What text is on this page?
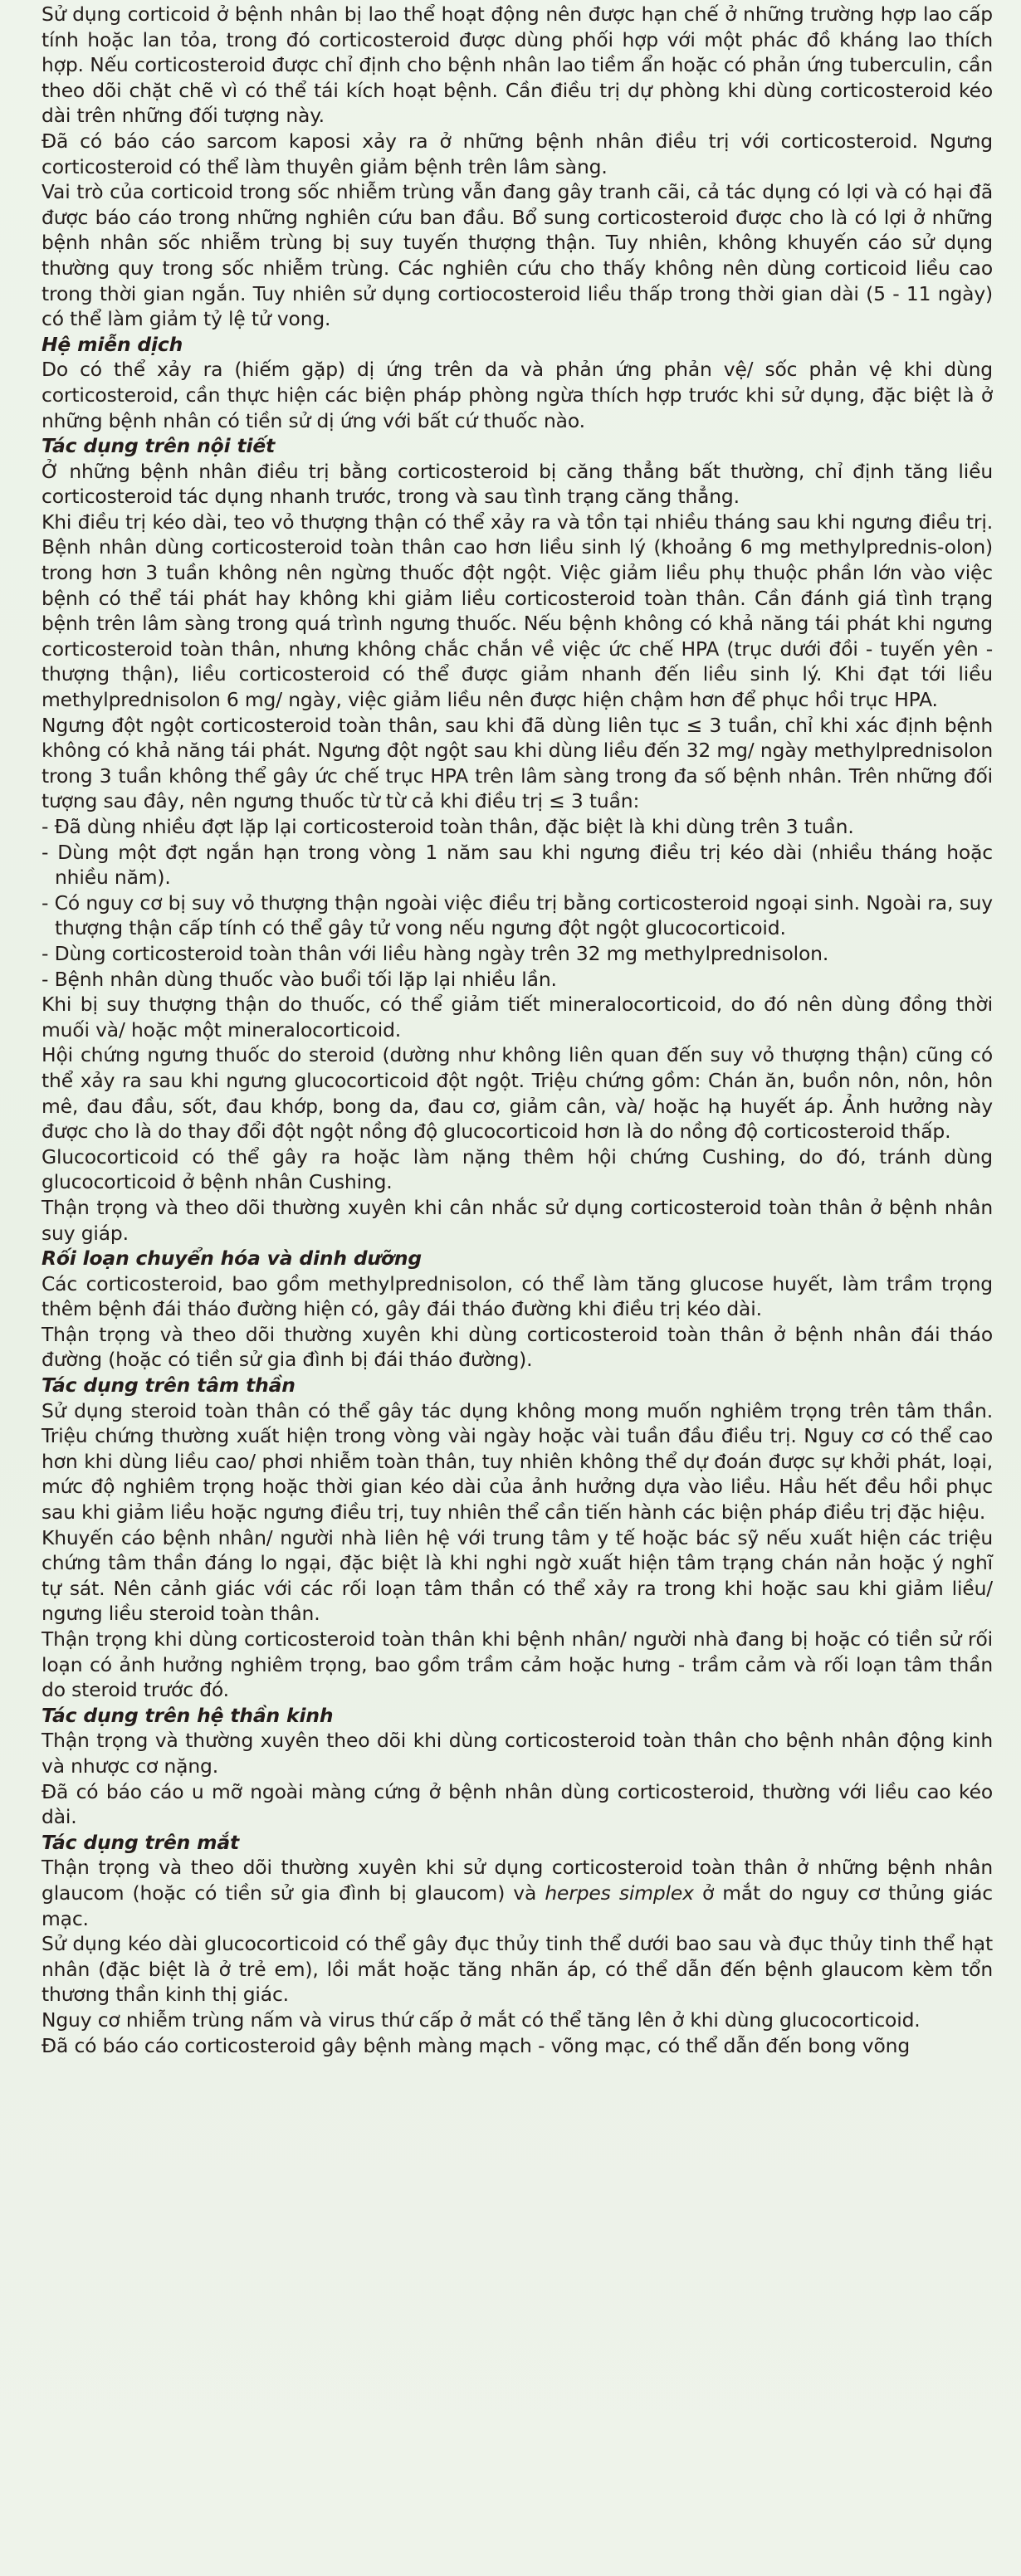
Sử dụng corticoid ở bệnh nhân bị lao thể hoạt động nên được hạn chế ở những trường hợp lao cấp tính hoặc lan tỏa, trong đó corticosteroid được dùng phối hợp với một phác đồ kháng lao thích hợp. Nếu corticosteroid được chỉ định cho bệnh nhân lao tiềm ẩn hoặc có phản ứng tuberculin, cần theo dõi chặt chẽ vì có thể tái kích hoạt bệnh. Cần điều trị dự phòng khi dùng corticosteroid kéo dài trên những đối tượng này.

Đã có báo cáo sarcom kaposi xảy ra ở những bệnh nhân điều trị với corticosteroid. Ngưng corticosteroid có thể làm thuyên giảm bệnh trên lâm sàng.

Vai trò của corticoid trong sốc nhiễm trùng vẫn đang gây tranh cãi, cả tác dụng có lợi và có hại đã được báo cáo trong những nghiên cứu ban đầu. Bổ sung corticosteroid được cho là có lợi ở những bệnh nhân sốc nhiễm trùng bị suy tuyến thượng thận. Tuy nhiên, không khuyến cáo sử dụng thường quy trong sốc nhiễm trùng. Các nghiên cứu cho thấy không nên dùng corticoid liều cao trong thời gian ngắn. Tuy nhiên sử dụng cortiocosteroid liều thấp trong thời gian dài (5 - 11 ngày) có thể làm giảm tỷ lệ tử vong.

Hệ miễn dịch

Do có thể xảy ra (hiếm gặp) dị ứng trên da và phản ứng phản vệ/ sốc phản vệ khi dùng corticosteroid, cần thực hiện các biện pháp phòng ngừa thích hợp trước khi sử dụng, đặc biệt là ở những bệnh nhân có tiền sử dị ứng với bất cứ thuốc nào.

Tác dụng trên nội tiết

Ở những bệnh nhân điều trị bằng corticosteroid bị căng thẳng bất thường, chỉ định tăng liều corticosteroid tác dụng nhanh trước, trong và sau tình trạng căng thẳng.

Khi điều trị kéo dài, teo vỏ thượng thận có thể xảy ra và tồn tại nhiều tháng sau khi ngưng điều trị. Bệnh nhân dùng corticosteroid toàn thân cao hơn liều sinh lý (khoảng 6 mg methylprednis-olon) trong hơn 3 tuần không nên ngừng thuốc đột ngột. Việc giảm liều phụ thuộc phần lớn vào việc bệnh có thể tái phát hay không khi giảm liều corticosteroid toàn thân. Cần đánh giá tình trạng bệnh trên lâm sàng trong quá trình ngưng thuốc. Nếu bệnh không có khả năng tái phát khi ngưng corticosteroid toàn thân, nhưng không chắc chắn về việc ức chế HPA (trục dưới đồi - tuyến yên - thượng thận), liều corticosteroid có thể được giảm nhanh đến liều sinh lý. Khi đạt tới liều methylprednisolon 6 mg/ ngày, việc giảm liều nên được hiện chậm hơn để phục hồi trục HPA.

Ngưng đột ngột corticosteroid toàn thân, sau khi đã dùng liên tục ≤ 3 tuần, chỉ khi xác định bệnh không có khả năng tái phát. Ngưng đột ngột sau khi dùng liều đến 32 mg/ ngày methylprednisolon trong 3 tuần không thể gây ức chế trục HPA trên lâm sàng trong đa số bệnh nhân. Trên những đối tượng sau đây, nên ngưng thuốc từ từ cả khi điều trị ≤ 3 tuần:

- Đã dùng nhiều đợt lặp lại corticosteroid toàn thân, đặc biệt là khi dùng trên 3 tuần.

- Dùng một đợt ngắn hạn trong vòng 1 năm sau khi ngưng điều trị kéo dài (nhiều tháng hoặc nhiều năm).

- Có nguy cơ bị suy vỏ thượng thận ngoài việc điều trị bằng corticosteroid ngoại sinh. Ngoài ra, suy thượng thận cấp tính có thể gây tử vong nếu ngưng đột ngột glucocorticoid.

- Dùng corticosteroid toàn thân với liều hàng ngày trên 32 mg methylprednisolon.

- Bệnh nhân dùng thuốc vào buổi tối lặp lại nhiều lần.

Khi bị suy thượng thận do thuốc, có thể giảm tiết mineralocorticoid, do đó nên dùng đồng thời muối và/ hoặc một mineralocorticoid.

Hội chứng ngưng thuốc do steroid (dường như không liên quan đến suy vỏ thượng thận) cũng có thể xảy ra sau khi ngưng glucocorticoid đột ngột. Triệu chứng gồm: Chán ăn, buồn nôn, nôn, hôn mê, đau đầu, sốt, đau khớp, bong da, đau cơ, giảm cân, và/ hoặc hạ huyết áp. Ảnh hưởng này được cho là do thay đổi đột ngột nồng độ glucocorticoid hơn là do nồng độ corticosteroid thấp.

Glucocorticoid có thể gây ra hoặc làm nặng thêm hội chứng Cushing, do đó, tránh dùng glucocorticoid ở bệnh nhân Cushing.

Thận trọng và theo dõi thường xuyên khi cân nhắc sử dụng corticosteroid toàn thân ở bệnh nhân suy giáp.

Rối loạn chuyển hóa và dinh dưỡng

Các corticosteroid, bao gồm methylprednisolon, có thể làm tăng glucose huyết, làm trầm trọng thêm bệnh đái tháo đường hiện có, gây đái tháo đường khi điều trị kéo dài.

Thận trọng và theo dõi thường xuyên khi dùng corticosteroid toàn thân ở bệnh nhân đái tháo đường (hoặc có tiền sử gia đình bị đái tháo đường).

Tác dụng trên tâm thần

Sử dụng steroid toàn thân có thể gây tác dụng không mong muốn nghiêm trọng trên tâm thần. Triệu chứng thường xuất hiện trong vòng vài ngày hoặc vài tuần đầu điều trị. Nguy cơ có thể cao hơn khi dùng liều cao/ phơi nhiễm toàn thân, tuy nhiên không thể dự đoán được sự khởi phát, loại, mức độ nghiêm trọng hoặc thời gian kéo dài của ảnh hưởng dựa vào liều. Hầu hết đều hồi phục sau khi giảm liều hoặc ngưng điều trị, tuy nhiên thể cần tiến hành các biện pháp điều trị đặc hiệu.

Khuyến cáo bệnh nhân/ người nhà liên hệ với trung tâm y tế hoặc bác sỹ nếu xuất hiện các triệu chứng tâm thần đáng lo ngại, đặc biệt là khi nghi ngờ xuất hiện tâm trạng chán nản hoặc ý nghĩ tự sát. Nên cảnh giác với các rối loạn tâm thần có thể xảy ra trong khi hoặc sau khi giảm liều/ ngưng liều steroid toàn thân.

Thận trọng khi dùng corticosteroid toàn thân khi bệnh nhân/ người nhà đang bị hoặc có tiền sử rối loạn có ảnh hưởng nghiêm trọng, bao gồm trầm cảm hoặc hưng - trầm cảm và rối loạn tâm thần do steroid trước đó.

Tác dụng trên hệ thần kinh

Thận trọng và thường xuyên theo dõi khi dùng corticosteroid toàn thân cho bệnh nhân động kinh và nhược cơ nặng.

Đã có báo cáo u mỡ ngoài màng cứng ở bệnh nhân dùng corticosteroid, thường với liều cao kéo dài.

Tác dụng trên mắt

Thận trọng và theo dõi thường xuyên khi sử dụng corticosteroid toàn thân ở những bệnh nhân glaucom (hoặc có tiền sử gia đình bị glaucom) và herpes simplex ở mắt do nguy cơ thủng giác mạc.

Sử dụng kéo dài glucocorticoid có thể gây đục thủy tinh thể dưới bao sau và đục thủy tinh thể hạt nhân (đặc biệt là ở trẻ em), lồi mắt hoặc tăng nhãn áp, có thể dẫn đến bệnh glaucom kèm tổn thương thần kinh thị giác.

Nguy cơ nhiễm trùng nấm và virus thứ cấp ở mắt có thể tăng lên ở khi dùng glucocorticoid.

Đã có báo cáo corticosteroid gây bệnh màng mạch - võng mạc, có thể dẫn đến bong võng
